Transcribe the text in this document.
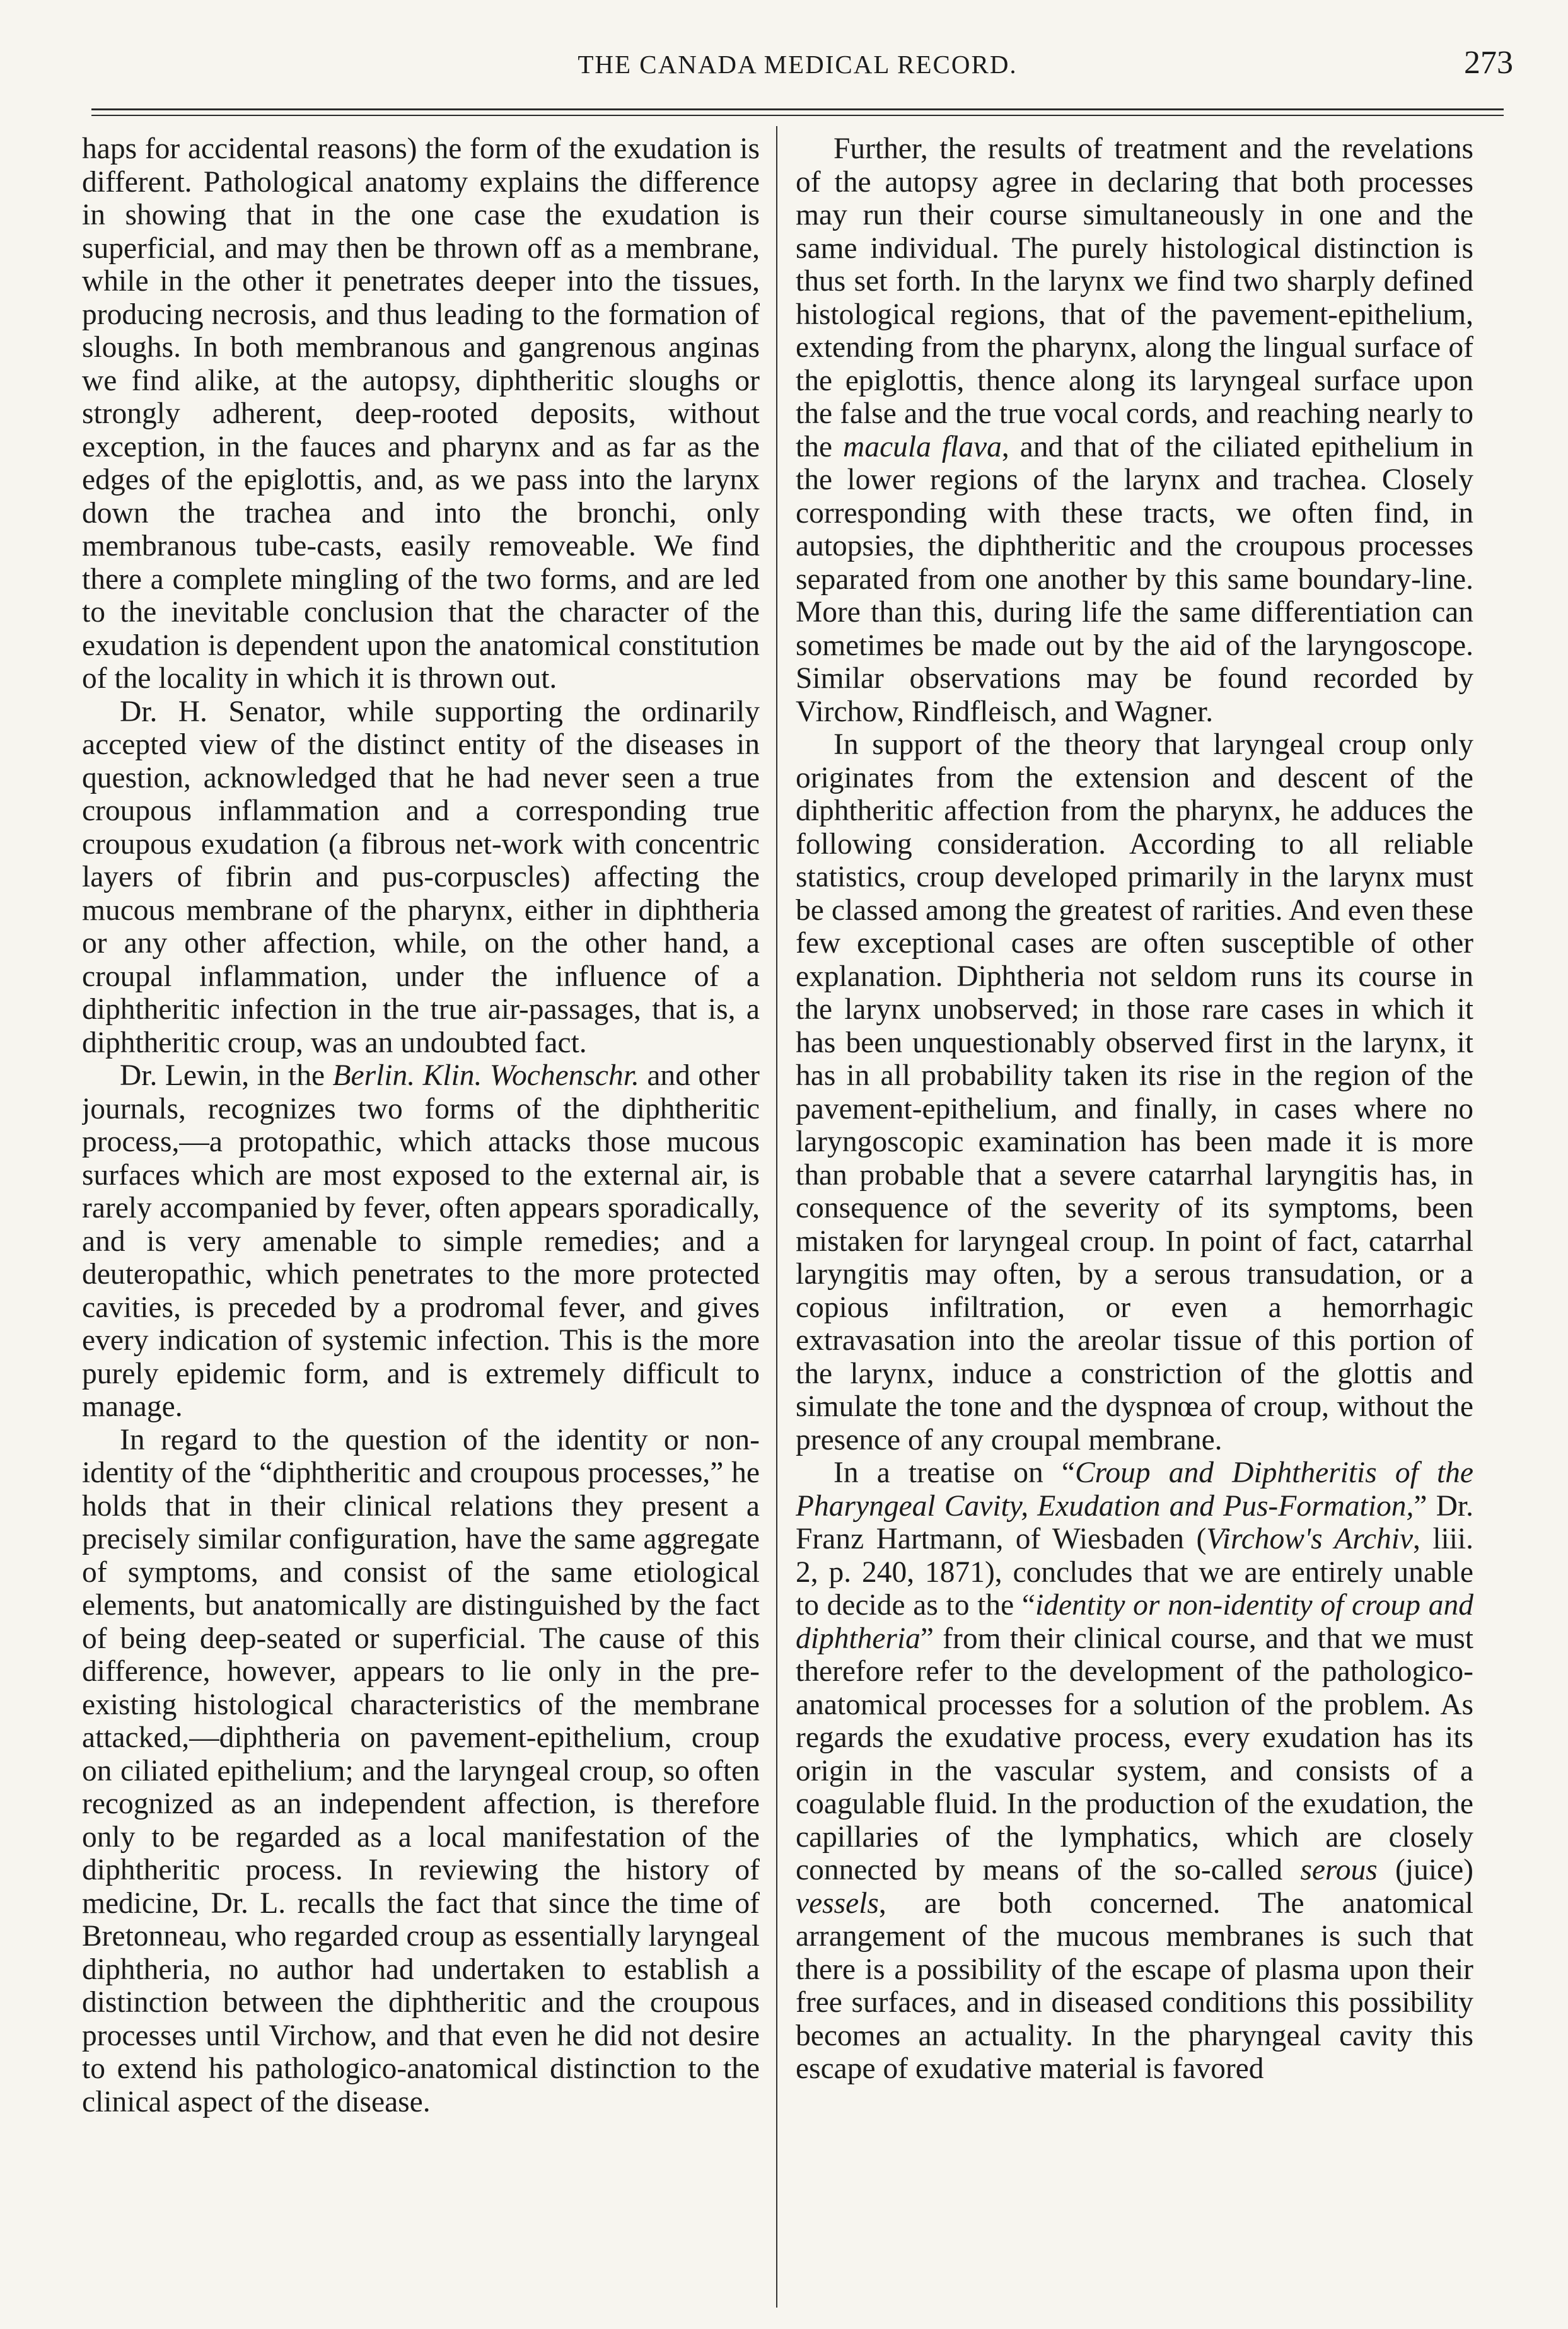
THE CANADA MEDICAL RECORD.	273

haps for accidental reasons) the form of the exudation is different. Pathological anatomy explains the difference in showing that in the one case the exudation is superficial, and may then be thrown off as a membrane, while in the other it penetrates deeper into the tissues, producing necrosis, and thus leading to the formation of sloughs. In both membranous and gangrenous anginas we find alike, at the autopsy, diphtheritic sloughs or strongly adherent, deep-rooted deposits, without exception, in the fauces and pharynx and as far as the edges of the epiglottis, and, as we pass into the larynx down the trachea and into the bronchi, only membranous tube-casts, easily removeable. We find there a complete mingling of the two forms, and are led to the inevitable conclusion that the character of the exudation is dependent upon the anatomical constitution of the locality in which it is thrown out.

Dr. H. Senator, while supporting the ordinarily accepted view of the distinct entity of the diseases in question, acknowledged that he had never seen a true croupous inflammation and a corresponding true croupous exudation (a fibrous net-work with concentric layers of fibrin and pus-corpuscles) affecting the mucous membrane of the pharynx, either in diphtheria or any other affection, while, on the other hand, a croupal inflammation, under the influence of a diphtheritic infection in the true air-passages, that is, a diphtheritic croup, was an undoubted fact.

Dr. Lewin, in the Berlin. Klin. Wochenschr. and other journals, recognizes two forms of the diphtheritic process,—a protopathic, which attacks those mucous surfaces which are most exposed to the external air, is rarely accompanied by fever, often appears sporadically, and is very amenable to simple remedies; and a deuteropathic, which penetrates to the more protected cavities, is preceded by a prodromal fever, and gives every indication of systemic infection. This is the more purely epidemic form, and is extremely difficult to manage.

In regard to the question of the identity or non-identity of the “diphtheritic and croupous processes,” he holds that in their clinical relations they present a precisely similar configuration, have the same aggregate of symptoms, and consist of the same etiological elements, but anatomically are distinguished by the fact of being deep-seated or superficial. The cause of this difference, however, appears to lie only in the pre-existing histological characteristics of the membrane attacked,—diphtheria on pavement-epithelium, croup on ciliated epithelium; and the laryngeal croup, so often recognized as an independent affection, is therefore only to be regarded as a local manifestation of the diphtheritic process. In reviewing the history of medicine, Dr. L. recalls the fact that since the time of Bretonneau, who regarded croup as essentially laryngeal diphtheria, no author had undertaken to establish a distinction between the diphtheritic and the croupous processes until Virchow, and that even he did not desire to extend his pathologico-anatomical distinction to the clinical aspect of the disease.

Further, the results of treatment and the revelations of the autopsy agree in declaring that both processes may run their course simultaneously in one and the same individual. The purely histological distinction is thus set forth. In the larynx we find two sharply defined histological regions, that of the pavement-epithelium, extending from the pharynx, along the lingual surface of the epiglottis, thence along its laryngeal surface upon the false and the true vocal cords, and reaching nearly to the macula flava, and that of the ciliated epithelium in the lower regions of the larynx and trachea. Closely corresponding with these tracts, we often find, in autopsies, the diphtheritic and the croupous processes separated from one another by this same boundary-line. More than this, during life the same differentiation can sometimes be made out by the aid of the laryngoscope. Similar observations may be found recorded by Virchow, Rindfleisch, and Wagner.

In support of the theory that laryngeal croup only originates from the extension and descent of the diphtheritic affection from the pharynx, he adduces the following consideration. According to all reliable statistics, croup developed primarily in the larynx must be classed among the greatest of rarities. And even these few exceptional cases are often susceptible of other explanation. Diphtheria not seldom runs its course in the larynx unobserved; in those rare cases in which it has been unquestionably observed first in the larynx, it has in all probability taken its rise in the region of the pavement-epithelium, and finally, in cases where no laryngoscopic examination has been made it is more than probable that a severe catarrhal laryngitis has, in consequence of the severity of its symptoms, been mistaken for laryngeal croup. In point of fact, catarrhal laryngitis may often, by a serous transudation, or a copious infiltration, or even a hemorrhagic extravasation into the areolar tissue of this portion of the larynx, induce a constriction of the glottis and simulate the tone and the dyspnœa of croup, without the presence of any croupal membrane.

In a treatise on “Croup and Diphtheritis of the Pharyngeal Cavity, Exudation and Pus-Formation,” Dr. Franz Hartmann, of Wiesbaden (Virchow's Archiv, liii. 2, p. 240, 1871), concludes that we are entirely unable to decide as to the “identity or non-identity of croup and diphtheria” from their clinical course, and that we must therefore refer to the development of the pathologico-anatomical processes for a solution of the problem. As regards the exudative process, every exudation has its origin in the vascular system, and consists of a coagulable fluid. In the production of the exudation, the capillaries of the lymphatics, which are closely connected by means of the so-called serous (juice) vessels, are both concerned. The anatomical arrangement of the mucous membranes is such that there is a possibility of the escape of plasma upon their free surfaces, and in diseased conditions this possibility becomes an actuality. In the pharyngeal cavity this escape of exudative material is favored
